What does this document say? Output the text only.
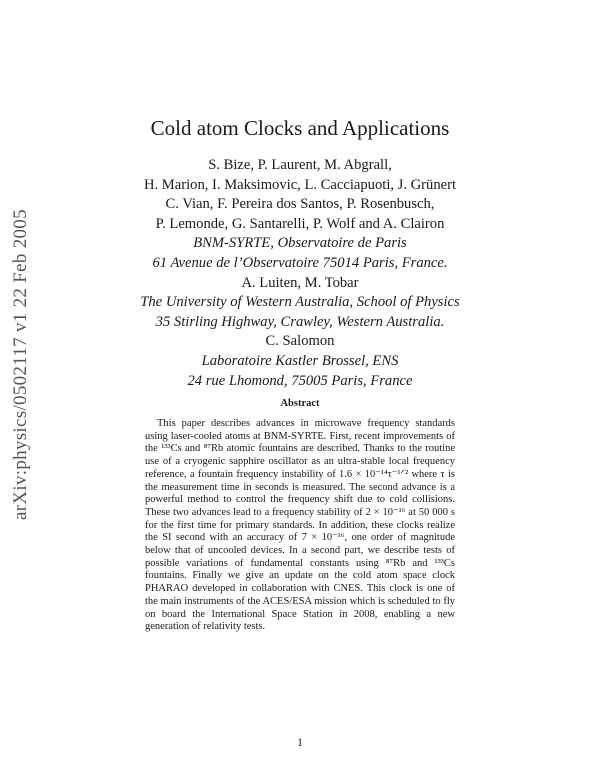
arXiv:physics/0502117 v1 22 Feb 2005
Cold atom Clocks and Applications
S. Bize, P. Laurent, M. Abgrall,
H. Marion, I. Maksimovic, L. Cacciapuoti, J. Grünert
C. Vian, F. Pereira dos Santos, P. Rosenbusch,
P. Lemonde, G. Santarelli, P. Wolf and A. Clairon
BNM-SYRTE, Observatoire de Paris
61 Avenue de l’Observatoire 75014 Paris, France.
A. Luiten, M. Tobar
The University of Western Australia, School of Physics
35 Stirling Highway, Crawley, Western Australia.
C. Salomon
Laboratoire Kastler Brossel, ENS
24 rue Lhomond, 75005 Paris, France
Abstract
This paper describes advances in microwave frequency standards using laser-cooled atoms at BNM-SYRTE. First, recent improvements of the ¹³³Cs and ⁸⁷Rb atomic fountains are described. Thanks to the routine use of a cryogenic sapphire oscillator as an ultra-stable local frequency reference, a fountain frequency instability of 1.6 × 10⁻¹⁴τ⁻¹ᐟ² where τ is the measurement time in seconds is measured. The second advance is a powerful method to control the frequency shift due to cold collisions. These two advances lead to a frequency stability of 2 × 10⁻¹⁶ at 50 000 s for the first time for primary standards. In addition, these clocks realize the SI second with an accuracy of 7 × 10⁻¹⁶, one order of magnitude below that of uncooled devices. In a second part, we describe tests of possible variations of fundamental constants using ⁸⁷Rb and ¹³³Cs fountains. Finally we give an update on the cold atom space clock PHARAO developed in collaboration with CNES. This clock is one of the main instruments of the ACES/ESA mission which is scheduled to fly on board the International Space Station in 2008, enabling a new generation of relativity tests.
1
